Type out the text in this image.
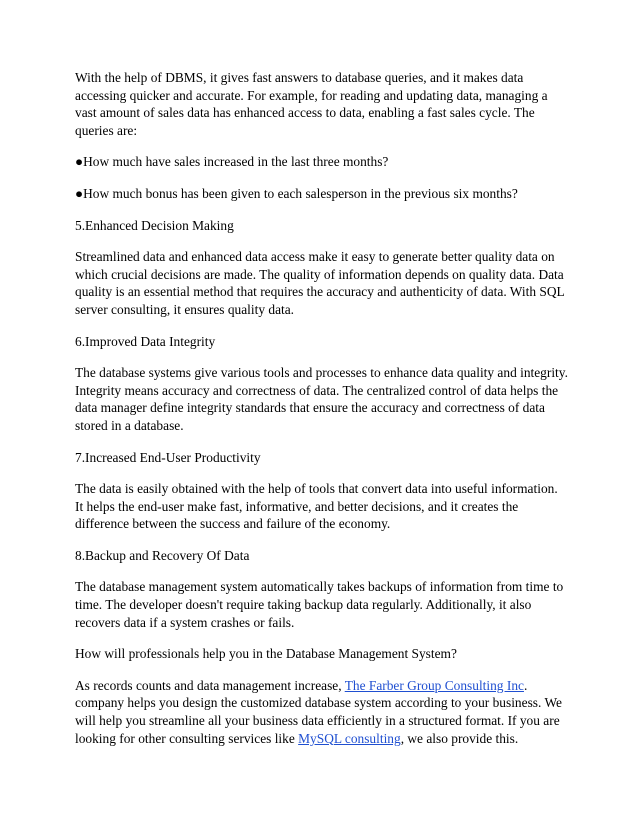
With the help of DBMS, it gives fast answers to database queries, and it makes data accessing quicker and accurate. For example, for reading and updating data, managing a vast amount of sales data has enhanced access to data, enabling a fast sales cycle. The queries are:

●How much have sales increased in the last three months?

●How much bonus has been given to each salesperson in the previous six months?

5.Enhanced Decision Making

Streamlined data and enhanced data access make it easy to generate better quality data on which crucial decisions are made. The quality of information depends on quality data. Data quality is an essential method that requires the accuracy and authenticity of data. With SQL server consulting, it ensures quality data.

6.Improved Data Integrity

The database systems give various tools and processes to enhance data quality and integrity. Integrity means accuracy and correctness of data. The centralized control of data helps the data manager define integrity standards that ensure the accuracy and correctness of data stored in a database.

7.Increased End-User Productivity

The data is easily obtained with the help of tools that convert data into useful information. It helps the end-user make fast, informative, and better decisions, and it creates the difference between the success and failure of the economy.

8.Backup and Recovery Of Data

The database management system automatically takes backups of information from time to time. The developer doesn't require taking backup data regularly. Additionally, it also recovers data if a system crashes or fails.

How will professionals help you in the Database Management System?

As records counts and data management increase, The Farber Group Consulting Inc. company helps you design the customized database system according to your business. We will help you streamline all your business data efficiently in a structured format. If you are looking for other consulting services like MySQL consulting, we also provide this.
